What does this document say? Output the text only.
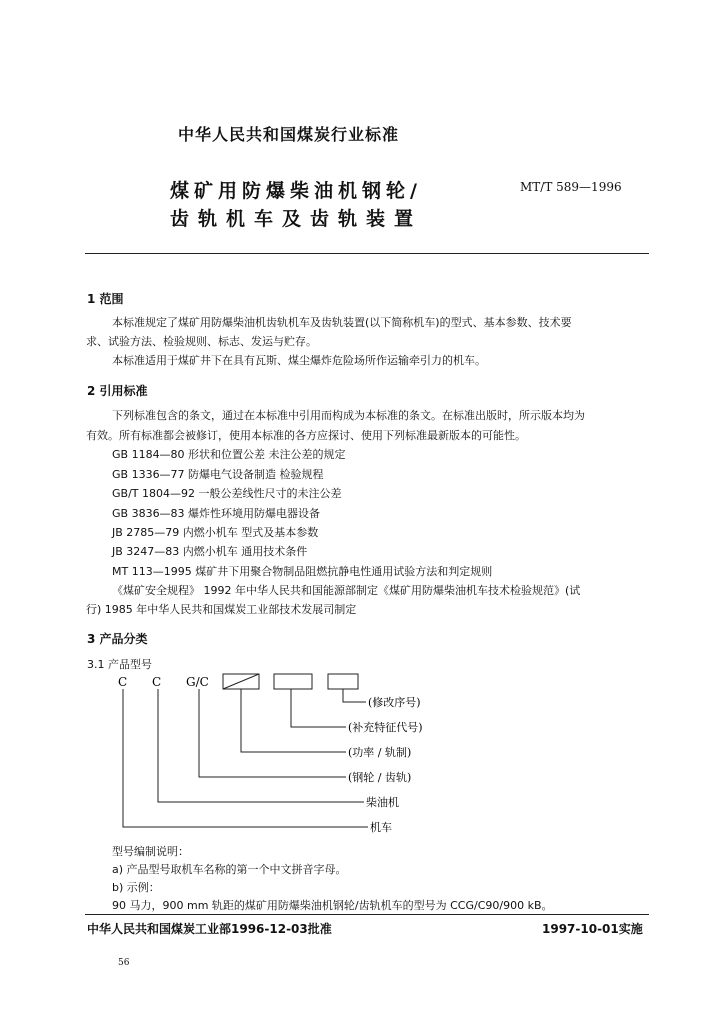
中华人民共和国煤炭行业标准
煤矿用防爆柴油机钢轮/
齿轨机车及齿轨装置
MT/T 589—1996
1 范围
本标准规定了煤矿用防爆柴油机齿轨机车及齿轨装置(以下简称机车)的型式、基本参数、技术要
求、试验方法、检验规则、标志、发运与贮存。
本标准适用于煤矿井下在具有瓦斯、煤尘爆炸危险场所作运输牵引力的机车。
2 引用标准
下列标准包含的条文，通过在本标准中引用而构成为本标准的条文。在标准出版时，所示版本均为
有效。所有标准都会被修订，使用本标准的各方应探讨、使用下列标准最新版本的可能性。
GB 1184—80 形状和位置公差 未注公差的规定
GB 1336—77 防爆电气设备制造 检验规程
GB/T 1804—92 一般公差线性尺寸的未注公差
GB 3836—83 爆炸性环境用防爆电器设备
JB 2785—79 内燃小机车 型式及基本参数
JB 3247—83 内燃小机车 通用技术条件
MT 113—1995 煤矿井下用聚合物制品阻燃抗静电性通用试验方法和判定规则
《煤矿安全规程》 1992 年中华人民共和国能源部制定《煤矿用防爆柴油机车技术检验规范》(试
行) 1985 年中华人民共和国煤炭工业部技术发展司制定
3 产品分类
3.1 产品型号
C C G/C
(修改序号)
(补充特征代号)
(功率 / 轨制)
(钢轮 / 齿轨)
柴油机
机车
型号编制说明：
a) 产品型号取机车名称的第一个中文拼音字母。
b) 示例：
90 马力，900 mm 轨距的煤矿用防爆柴油机钢轮/齿轨机车的型号为 CCG/C90/900 kB。
中华人民共和国煤炭工业部1996-12-03批准	1997-10-01实施
56
